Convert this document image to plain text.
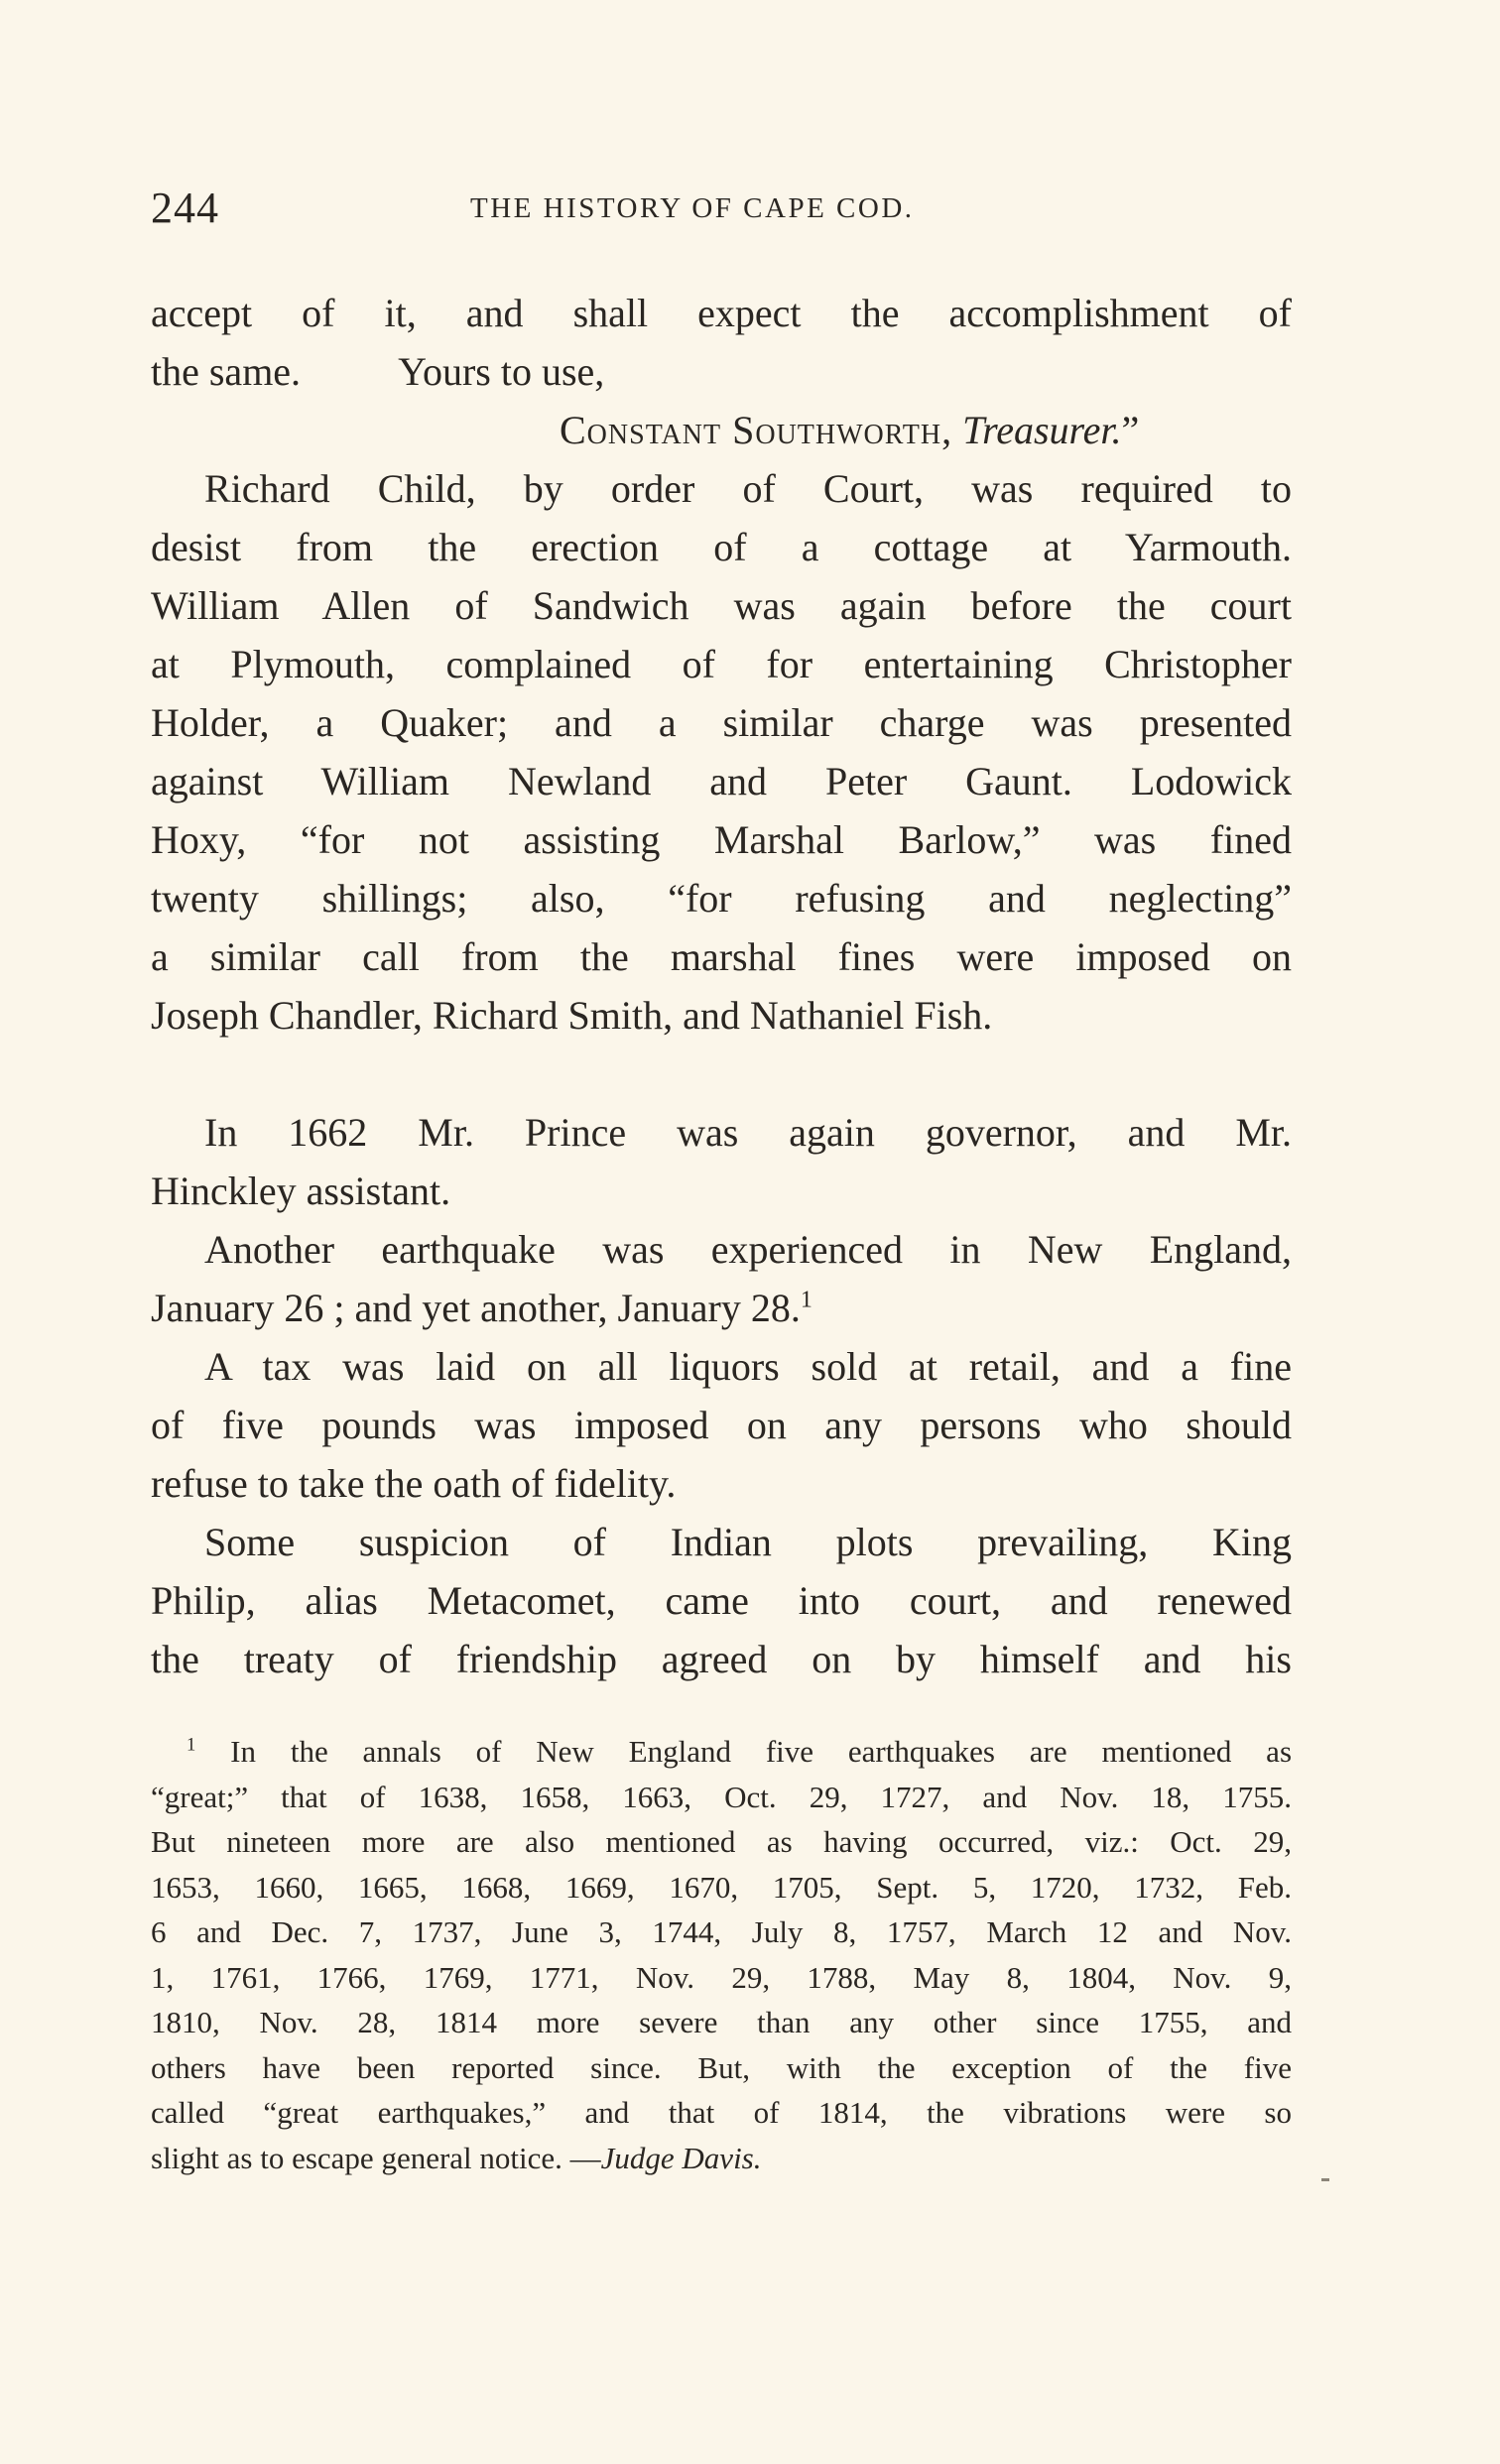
244	THE HISTORY OF CAPE COD.

accept of it, and shall expect the accomplishment of

the same. Yours to use,

Constant Southworth, Treasurer.”

Richard Child, by order of Court, was required to

desist from the erection of a cottage at Yarmouth.

William Allen of Sandwich was again before the court

at Plymouth, complained of for entertaining Christopher

Holder, a Quaker; and a similar charge was presented

against William Newland and Peter Gaunt. Lodowick

Hoxy, “for not assisting Marshal Barlow,” was fined

twenty shillings; also, “for refusing and neglecting”

a similar call from the marshal fines were imposed on

Joseph Chandler, Richard Smith, and Nathaniel Fish.

In 1662 Mr. Prince was again governor, and Mr.

Hinckley assistant.

Another earthquake was experienced in New England,

January 26 ; and yet another, January 28.$^1$

A tax was laid on all liquors sold at retail, and a fine

of five pounds was imposed on any persons who should

refuse to take the oath of fidelity.

Some suspicion of Indian plots prevailing, King

Philip, alias Metacomet, came into court, and renewed

the treaty of friendship agreed on by himself and his

$^1$ In the annals of New England five earthquakes are mentioned as

“great;” that of 1638, 1658, 1663, Oct. 29, 1727, and Nov. 18, 1755.

But nineteen more are also mentioned as having occurred, viz.: Oct. 29,

1653, 1660, 1665, 1668, 1669, 1670, 1705, Sept. 5, 1720, 1732, Feb.

6 and Dec. 7, 1737, June 3, 1744, July 8, 1757, March 12 and Nov.

1, 1761, 1766, 1769, 1771, Nov. 29, 1788, May 8, 1804, Nov. 9,

1810, Nov. 28, 1814 more severe than any other since 1755, and

others have been reported since. But, with the exception of the five

called “great earthquakes,” and that of 1814, the vibrations were so

slight as to escape general notice. —Judge Davis.
